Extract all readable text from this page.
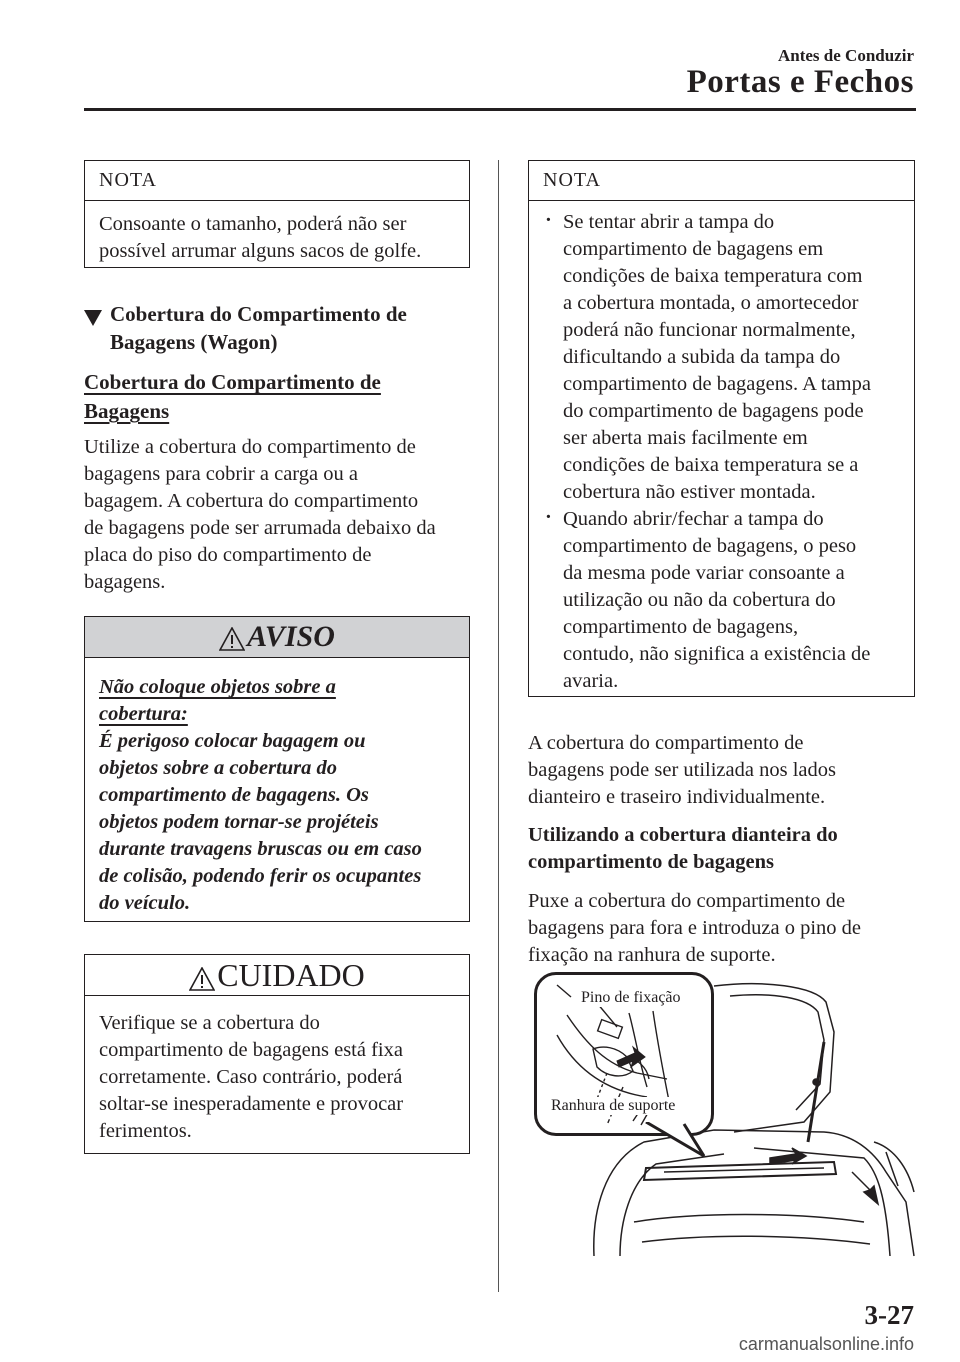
Antes de Conduzir
Portas e Fechos
NOTA
Consoante o tamanho, poderá não ser
possível arrumar alguns sacos de golfe.
Cobertura do Compartimento de
Bagagens (Wagon)
Cobertura do Compartimento de
Bagagens
Utilize a cobertura do compartimento de
bagagens para cobrir a carga ou a
bagagem. A cobertura do compartimento
de bagagens pode ser arrumada debaixo da
placa do piso do compartimento de
bagagens.
AVISO
Não coloque objetos sobre a
cobertura:
É perigoso colocar bagagem ou
objetos sobre a cobertura do
compartimento de bagagens. Os
objetos podem tornar-se projéteis
durante travagens bruscas ou em caso
de colisão, podendo ferir os ocupantes
do veículo.
CUIDADO
Verifique se a cobertura do
compartimento de bagagens está fixa
corretamente. Caso contrário, poderá
soltar-se inesperadamente e provocar
ferimentos.
NOTA
· Se tentar abrir a tampa do
compartimento de bagagens em
condições de baixa temperatura com
a cobertura montada, o amortecedor
poderá não funcionar normalmente,
dificultando a subida da tampa do
compartimento de bagagens. A tampa
do compartimento de bagagens pode
ser aberta mais facilmente em
condições de baixa temperatura se a
cobertura não estiver montada.
· Quando abrir/fechar a tampa do
compartimento de bagagens, o peso
da mesma pode variar consoante a
utilização ou não da cobertura do
compartimento de bagagens,
contudo, não significa a existência de
avaria.
A cobertura do compartimento de
bagagens pode ser utilizada nos lados
dianteiro e traseiro individualmente.
Utilizando a cobertura dianteira do
compartimento de bagagens
Puxe a cobertura do compartimento de
bagagens para fora e introduza o pino de
fixação na ranhura de suporte.
Pino de fixação
Ranhura de suporte
3-27
carmanualsonline.info
